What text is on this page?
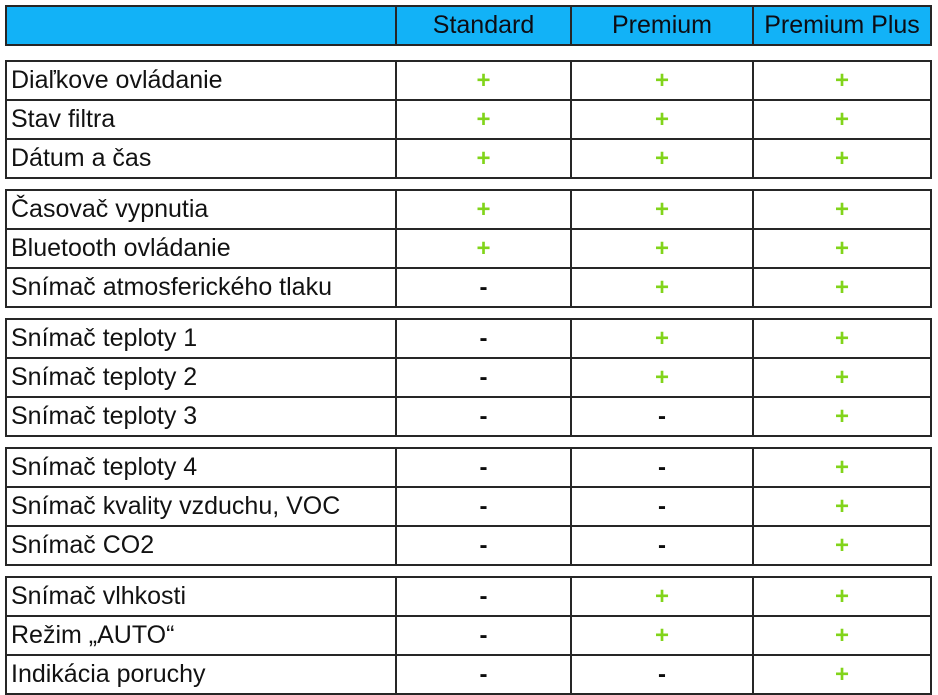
	Standard	Premium	Premium Plus
Diaľkove ovládanie	+	+	+
Stav filtra	+	+	+
Dátum a čas	+	+	+
Časovač vypnutia	+	+	+
Bluetooth ovládanie	+	+	+
Snímač atmosferického tlaku	-	+	+
Snímač teploty 1	-	+	+
Snímač teploty 2	-	+	+
Snímač teploty 3	-	-	+
Snímač teploty 4	-	-	+
Snímač kvality vzduchu, VOC	-	-	+
Snímač CO2	-	-	+
Snímač vlhkosti	-	+	+
Režim „AUTO“	-	+	+
Indikácia poruchy	-	-	+
